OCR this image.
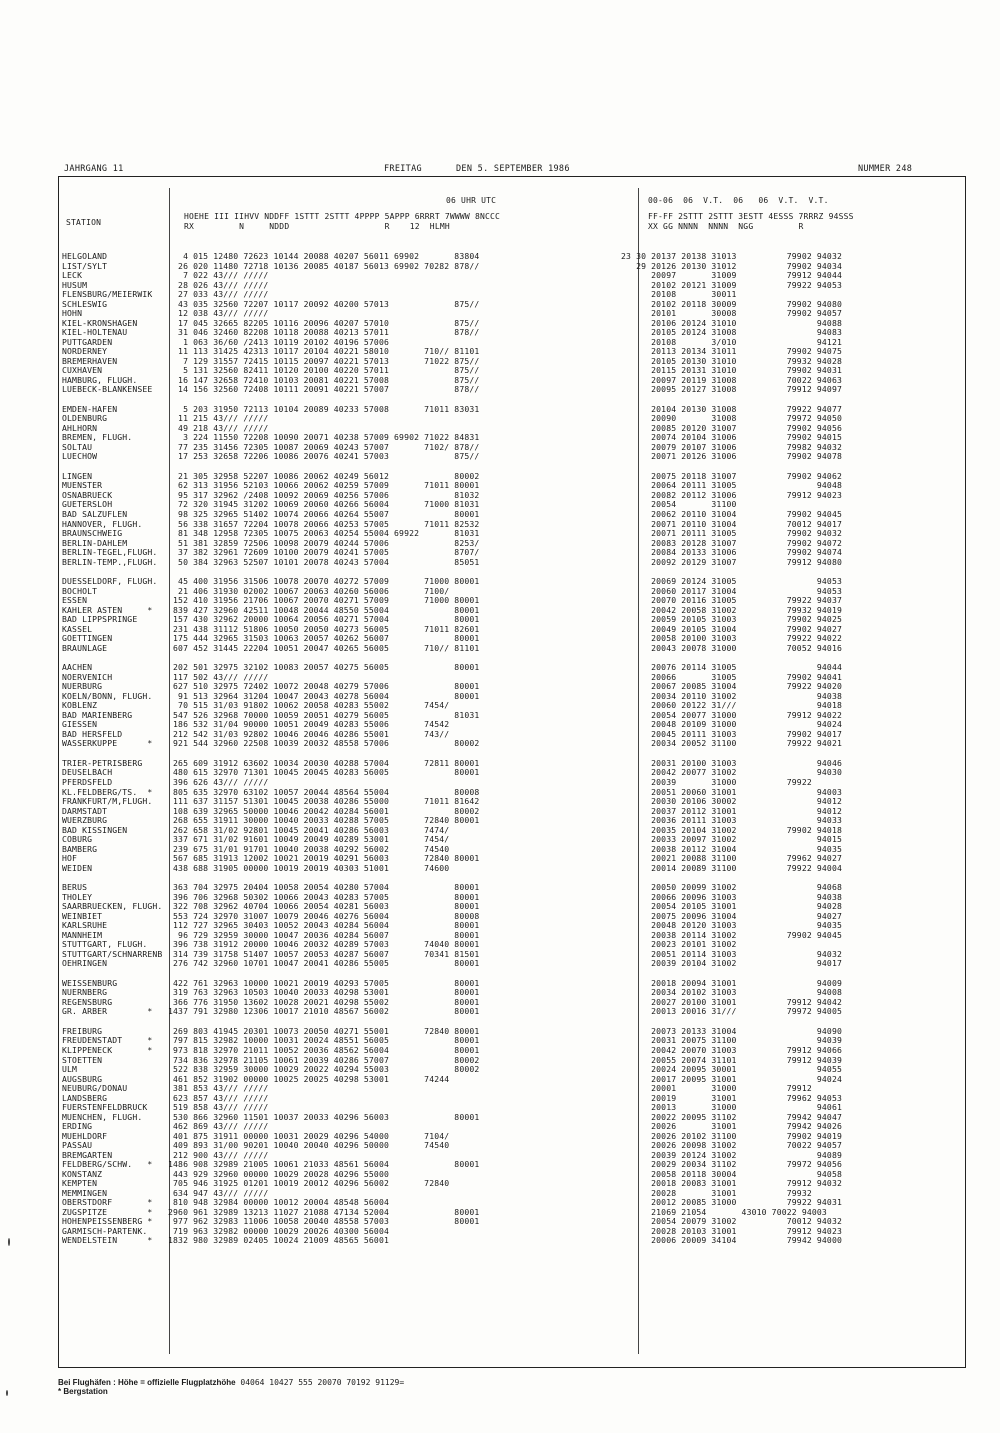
JAHRGANG 11	FREITAG	DEN 5. SEPTEMBER 1986	NUMMER 248
06 UHR UTC
STATION
HOEHE III IIHVV NDDFF 1STTT 2STTT 4PPPP 5APPP 6RRRT 7WWWW 8NCCC
RX         N     NDDD                   R    12  HLMH
00-06  06  V.T.  06   06  V.T.  V.T.
FF-FF 2STTT 2STTT 3ESTT 4ESSS 7RRRZ 94SSS
XX GG NNNN  NNNN  NGG         R
HELGOLAND	4 015 12480 72623 10144 20088 40207 56011 69902       83804	23 30 20137 20138 31013          79902 94032
LIST/SYLT	26 020 11480 72718 10136 20085 40187 56013 69902 70282 878//	29 20126 20130 31012          79902 94034
LECK	7 022 43/// /////	20097       31009          79912 94044
HUSUM	28 026 43/// /////	20102 20121 31009          79922 94053
FLENSBURG/MEIERWIK 27 033 43/// /////	20108       30011
SCHLESWIG	43 035 32560 72207 10117 20092 40200 57013             875//	20102 20118 30009          79902 94080
HOHN	12 038 43/// /////	20101       30008          79902 94057
KIEL-KRONSHAGEN	17 045 32665 82205 10116 20096 40207 57010             875//	20106 20124 31010                94088
KIEL-HOLTENAU	31 046 32460 82208 10118 20088 40213 57011             878//	20105 20124 31008                94083
PUTTGARDEN	1 063 36/60 /2413 10119 20102 40196 57006	20108       3/010                94121
NORDERNEY	11 113 31425 42313 10117 20104 40221 58010       710// 81101	20113 20134 31011          79902 94075
BREMERHAVEN	7 129 31557 72415 10115 20097 40221 57013       71022 875//	20105 20130 31010          79932 94028
CUXHAVEN	5 131 32560 82411 10120 20100 40220 57011             875//	20115 20131 31010          79902 94031
HAMBURG, FLUGH.	16 147 32658 72410 10103 20081 40221 57008             875//	20097 20119 31008          70022 94063
LUEBECK-BLANKENSEE 14 156 32560 72408 10111 20091 40221 57007             878//	20095 20127 31008          79912 94097
EMDEN-HAFEN	5 203 31950 72113 10104 20089 40233 57008       71011 83031	20104 20130 31008          79922 94077
OLDENBURG	11 215 43/// /////	20090       31008          79972 94050
AHLHORN	49 218 43/// /////	20085 20120 31007          79902 94056
BREMEN, FLUGH.	3 224 11550 72208 10090 20071 40238 57009 69902 71022 84831	20074 20104 31006          79902 94015
SOLTAU	77 235 31456 72305 10087 20069 40243 57007       7102/ 878//	20079 20107 31006          79982 94032
LUECHOW	17 253 32658 72206 10086 20076 40241 57003             875//	20071 20126 31006          79902 94078
LINGEN	21 305 32958 52207 10086 20062 40249 56012             80002	20075 20118 31007          79902 94062
MUENSTER	62 313 31956 52103 10066 20062 40259 57009       71011 80001	20064 20111 31005                94048
OSNABRUECK	95 317 32962 /2408 10092 20069 40256 57006             81032	20082 20112 31006          79912 94023
GUETERSLOH	72 320 31945 31202 10069 20060 40266 56004       71000 81031	20054       31100
BAD SALZUFLEN	98 325 32965 51402 10074 20066 40264 55007             80001	20062 20110 31004          79902 94045
HANNOVER, FLUGH.	56 338 31657 72204 10078 20066 40253 57005       71011 82532	20071 20110 31004          70012 94017
BRAUNSCHWEIG	81 348 12958 72305 10075 20063 40254 55004 69922       81031	20071 20111 31005          79902 94032
BERLIN-DAHLEM	51 381 32859 72506 10098 20079 40244 57006             8253/	20083 20128 31007          79902 94072
BERLIN-TEGEL,FLUGH. 37 382 32961 72609 10100 20079 40241 57005             8707/	20084 20133 31006          79902 94074
BERLIN-TEMP.,FLUGH. 50 384 32963 52507 10101 20078 40243 57004             85051	20092 20129 31007          79912 94080
DUESSELDORF, FLUGH. 45 400 31956 31506 10078 20070 40272 57009       71000 80001	20069 20124 31005                94053
BOCHOLT	21 406 31930 02002 10067 20063 40260 56006       7100/	20060 20117 31004                94053
ESSEN	152 410 31956 21706 10067 20070 40271 57009       71000 80001	20070 20116 31005          79922 94037
KAHLER ASTEN     * 839 427 32960 42511 10048 20044 48550 55004             80001	20042 20058 31002          79932 94019
BAD LIPPSPRINGE	157 430 32962 20000 10064 20056 40271 57004             80001	20059 20105 31003          79902 94025
KASSEL	231 438 31112 51806 10050 20050 40273 56005       71011 82601	20049 20105 31004          79902 94027
GOETTINGEN	175 444 32965 31503 10063 20057 40262 56007             80001	20058 20100 31003          79922 94022
BRAUNLAGE	607 452 31445 22204 10051 20047 40265 56005       710// 81101	20043 20078 31000          70052 94016
AACHEN	202 501 32975 32102 10083 20057 40275 56005             80001	20076 20114 31005                94044
NOERVENICH	117 502 43/// /////	20066       31005          79902 94041
NUERBURG	627 510 32975 72402 10072 20048 40279 57006             80001	20067 20085 31004          79922 94020
KOELN/BONN, FLUGH. 91 513 32964 31204 10047 20043 40278 56004             80001	20034 20110 31002                94038
KOBLENZ	70 515 31/03 91802 10062 20058 40283 55002       7454/	20060 20122 31///                94018
BAD MARIENBERG	547 526 32968 70000 10059 20051 40279 56005             81031	20054 20077 31000          79912 94022
GIESSEN	186 532 31/04 90000 10051 20049 40283 55006       74542	20048 20109 31000                94024
BAD HERSFELD	212 542 31/03 92802 10046 20046 40286 55001       743//	20045 20111 31003          79902 94017
WASSERKUPPE      * 921 544 32960 22508 10039 20032 48558 57006             80002	20034 20052 31100          79922 94021
TRIER-PETRISBERG	265 609 31912 63602 10034 20030 40288 57004       72811 80001	20031 20100 31003                94046
DEUSELBACH	480 615 32970 71301 10045 20045 40283 56005             80001	20042 20077 31002                94030
PFERDSFELD	396 626 43/// /////	20039       31000          79922
KL.FELDBERG/TS.  * 805 635 32970 63102 10057 20044 48564 55004             80008	20051 20060 31001                94003
FRANKFURT/M,FLUGH. 111 637 31157 51301 10045 20038 40286 55000       71011 81642	20030 20106 30002                94012
DARMSTADT	108 639 32965 50000 10046 20042 40284 56001             80002	20037 20112 31001                94012
WUERZBURG	268 655 31911 30000 10040 20033 40288 57005       72840 80001	20036 20111 31003                94033
BAD KISSINGEN	262 658 31/02 92801 10045 20041 40286 56003       7474/	20035 20104 31002          79902 94018
COBURG	337 671 31/02 91601 10049 20049 40289 53001       7454/	20033 20097 31002                94015
BAMBERG	239 675 31/01 91701 10040 20038 40292 56002       74540	20038 20112 31004                94035
HOF	567 685 31913 12002 10021 20019 40291 56003       72840 80001	20021 20088 31100          79962 94027
WEIDEN	438 688 31905 00000 10019 20019 40303 51001       74600	20014 20089 31100          79922 94004
BERUS	363 704 32975 20404 10058 20054 40280 57004             80001	20050 20099 31002                94068
THOLEY	396 706 32968 50302 10066 20043 40283 57005             80001	20066 20096 31003                94038
SAARBRUECKEN, FLUGH. 322 708 32962 40704 10066 20054 40281 56003             80001	20054 20105 31001                94028
WEINBIET	553 724 32970 31007 10079 20046 40276 56004             80008	20075 20096 31004                94027
KARLSRUHE	112 727 32965 30403 10052 20043 40284 56004             80001	20048 20120 31003                94035
MANNHEIM	96 729 32959 30000 10047 20036 40284 56007             80001	20038 20114 31002          79902 94045
STUTTGART, FLUGH.	396 738 31912 20000 10046 20032 40289 57003       74040 80001	20023 20101 31002
STUTTGART/SCHNARRENB 314 739 31758 51407 10057 20053 40287 56007       70341 81501	20051 20114 31003                94032
OEHRINGEN	276 742 32960 10701 10047 20041 40286 55005             80001	20039 20104 31002                94017
WEISSENBURG	422 761 32963 10000 10021 20019 40293 57005             80001	20018 20094 31001                94009
NUERNBERG	319 763 32963 10503 10040 20033 40298 53001             80001	20034 20102 31003                94008
REGENSBURG	366 776 31950 13602 10028 20021 40298 55002             80001	20027 20100 31001          79912 94042
GR. ARBER        * 1437 791 32980 12306 10017 21010 48567 56002             80001	20013 20016 31///          79972 94005
FREIBURG	269 803 41945 20301 10073 20050 40271 55001       72840 80001	20073 20133 31004                94090
FREUDENSTADT     * 797 815 32982 10000 10031 20024 48551 56005             80001	20031 20075 31100                94039
KLIPPENECK       * 973 818 32970 21011 10052 20036 48562 56004             80001	20042 20070 31003          79912 94066
STOETTEN	734 836 32978 21105 10061 20039 40286 57007             80002	20055 20074 31101          79912 94039
ULM	522 838 32959 30000 10029 20022 40294 55003             80002	20024 20095 30001                94055
AUGSBURG	461 852 31902 00000 10025 20025 40298 53001       74244	20017 20095 31001                94024
NEUBURG/DONAU	381 853 43/// /////	20001       31000          79912
LANDSBERG	623 857 43/// /////	20019       31001          79962 94053
FUERSTENFELDBRUCK	519 858 43/// /////	20013       31000                94061
MUENCHEN, FLUGH.	530 866 32960 11501 10037 20033 40296 56003             80001	20022 20095 31102          79942 94047
ERDING	462 869 43/// /////	20026       31001          79942 94026
MUEHLDORF	401 875 31911 00000 10031 20029 40296 54000       7104/	20026 20102 31100          79902 94019
PASSAU	409 893 31/00 90201 10040 20040 40296 50000       74540	20026 20098 31002          70022 94057
BREMGARTEN	212 900 43/// /////	20039 20124 31002                94089
FELDBERG/SCHW.   * 1486 908 32989 21005 10061 21033 48561 56004             80001	20029 20034 31102          79972 94056
KONSTANZ	443 929 32960 00000 10029 20028 40296 55000	20058 20118 30004                94058
KEMPTEN	705 946 31925 01201 10019 20012 40296 56002       72840	20018 20083 31001          79912 94032
MEMMINGEN	634 947 43/// /////	20028       31001          79932
OBERSTDORF       * 810 948 32984 00000 10012 20004 48548 56004	20012 20085 31000          79922 94031
ZUGSPITZE        * 2960 961 32989 13213 11027 21088 47134 52004             80001	21069 21054       43010 70022 94003
HOHENPEISSENBERG * 977 962 32983 11006 10058 20040 48558 57003             80001	20054 20079 31002          70012 94032
GARMISCH-PARTENK.	719 963 32982 00000 10029 20026 40300 56004	20028 20103 31001          79912 94023
WENDELSTEIN      * 1832 980 32989 02405 10024 21009 48565 56001	20006 20009 34104          79942 94000
Bei Flughäfen : Höhe = offizielle Flugplatzhöhe 04064 10427 555 20070 70192 91129=
* Bergstation
